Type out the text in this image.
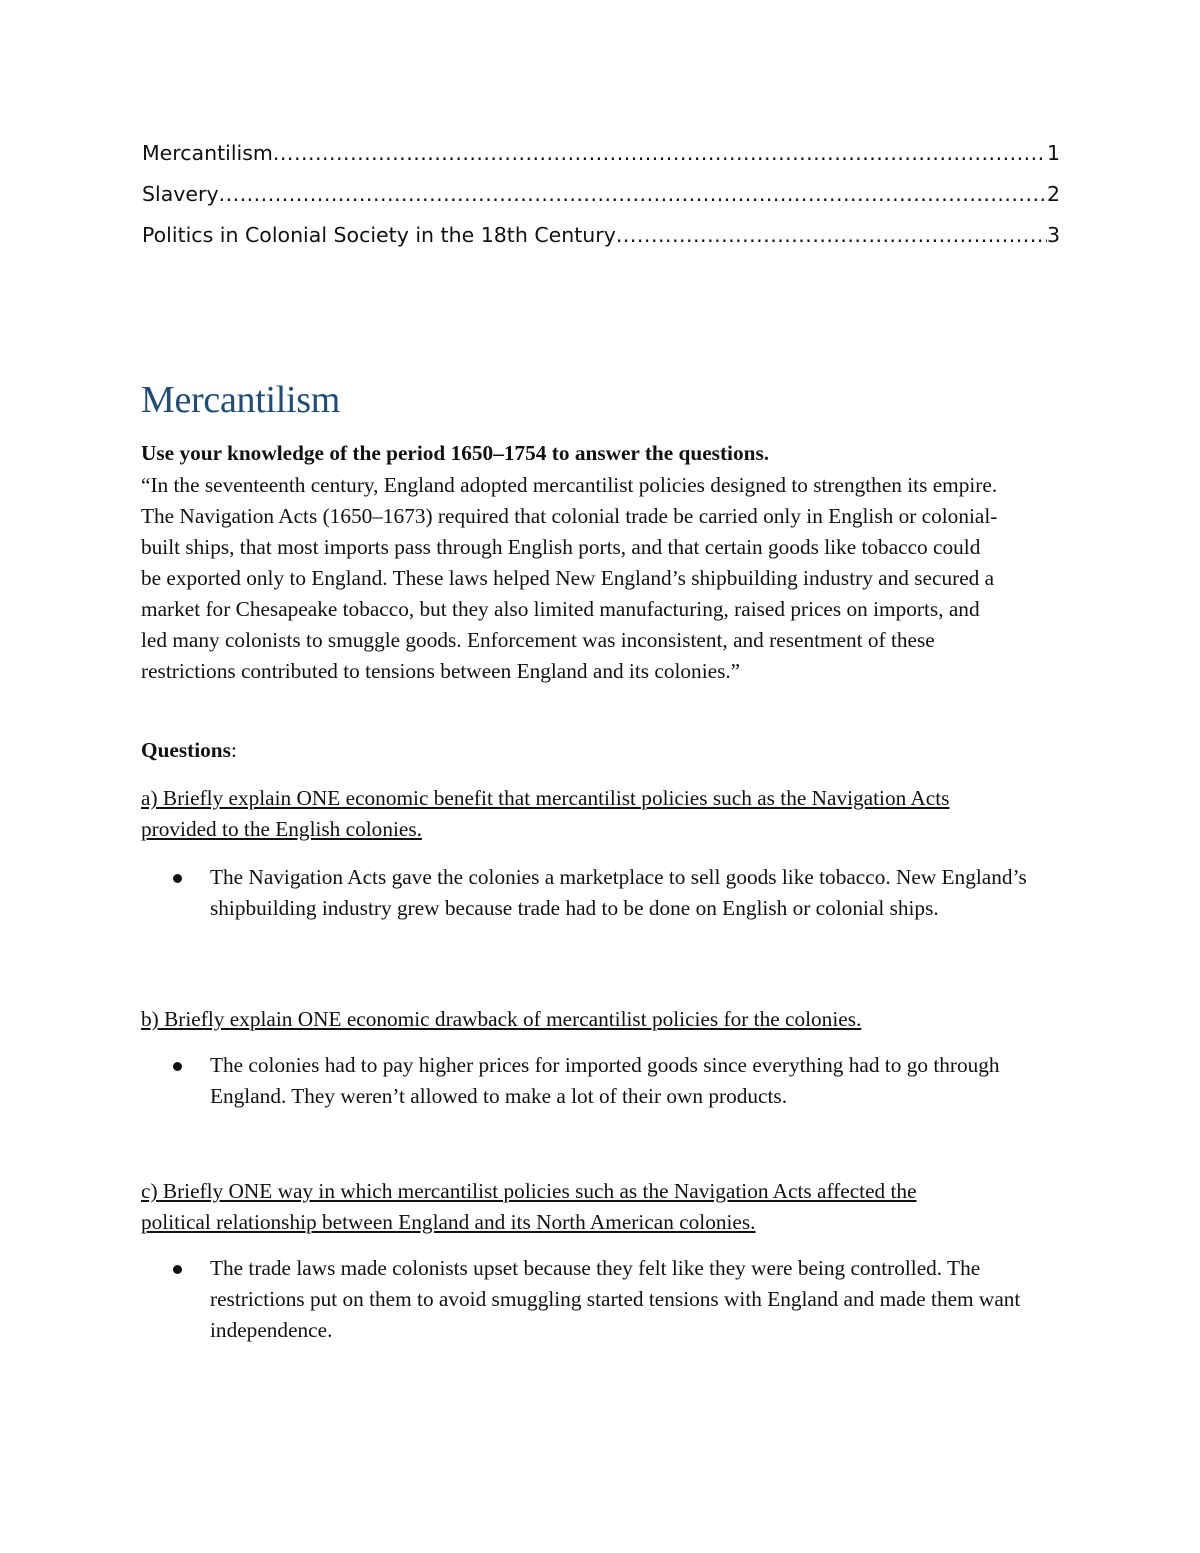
Mercantilism .....	1
Slavery .....	2
Politics in Colonial Society in the 18th Century .....	3
Mercantilism

Use your knowledge of the period 1650–1754 to answer the questions.

“In the seventeenth century, England adopted mercantilist policies designed to strengthen its empire. The Navigation Acts (1650–1673) required that colonial trade be carried only in English or colonial-built ships, that most imports pass through English ports, and that certain goods like tobacco could be exported only to England. These laws helped New England’s shipbuilding industry and secured a market for Chesapeake tobacco, but they also limited manufacturing, raised prices on imports, and led many colonists to smuggle goods. Enforcement was inconsistent, and resentment of these restrictions contributed to tensions between England and its colonies.”

Questions:

a) Briefly explain ONE economic benefit that mercantilist policies such as the Navigation Acts provided to the English colonies.

The Navigation Acts gave the colonies a marketplace to sell goods like tobacco. New England’s shipbuilding industry grew because trade had to be done on English or colonial ships.

b) Briefly explain ONE economic drawback of mercantilist policies for the colonies.

The colonies had to pay higher prices for imported goods since everything had to go through England. They weren’t allowed to make a lot of their own products.

c) Briefly ONE way in which mercantilist policies such as the Navigation Acts affected the political relationship between England and its North American colonies.

The trade laws made colonists upset because they felt like they were being controlled. The restrictions put on them to avoid smuggling started tensions with England and made them want independence.
